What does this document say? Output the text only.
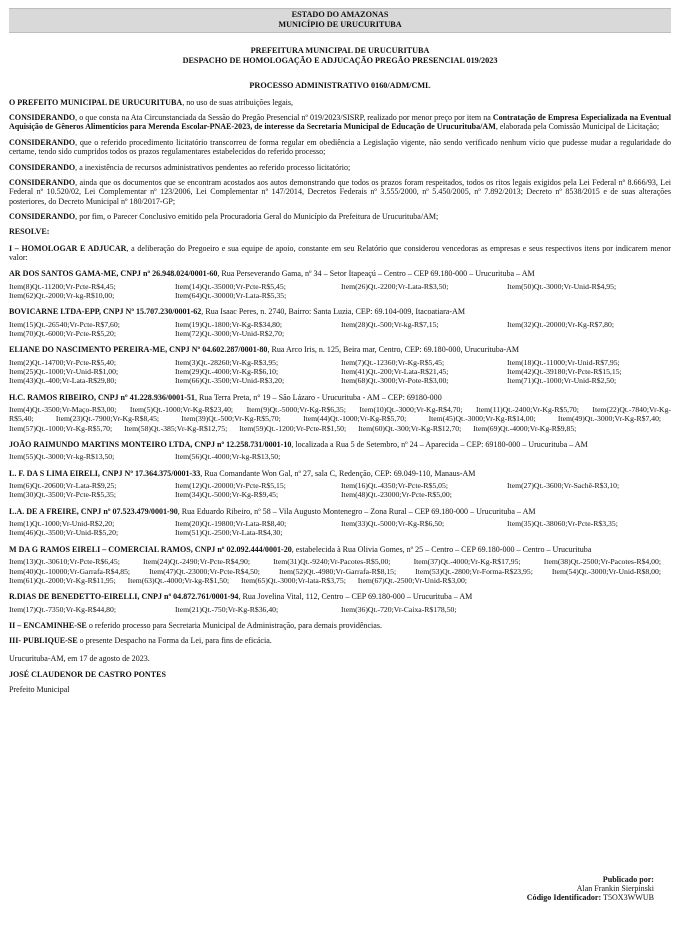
ESTADO DO AMAZONAS
MUNICÍPIO DE URUCURITUBA
PREFEITURA MUNICIPAL DE URUCURITUBA
DESPACHO DE HOMOLOGAÇÃO E ADJUCAÇÃO PREGÃO PRESENCIAL 019/2023
PROCESSO ADMINISTRATIVO 0160/ADM/CML

O PREFEITO MUNICIPAL DE URUCURITUBA, no uso de suas atribuições legais,

CONSIDERANDO, o que consta na Ata Circunstanciada da Sessão do Pregão Presencial nº 019/2023/SISRP, realizado por menor preço por item na Contratação de Empresa Especializada na Eventual Aquisição de Gêneros Alimentícios para Merenda Escolar-PNAE-2023, de interesse da Secretaria Municipal de Educação de Urucurituba/AM, elaborada pela Comissão Municipal de Licitação;

CONSIDERANDO, que o referido procedimento licitatório transcorreu de forma regular em obediência a Legislação vigente, não sendo verificado nenhum vício que pudesse mudar a regularidade do certame, tendo sido cumpridos todos os prazos regulamentares estabelecidos do referido processo;

CONSIDERANDO, a inexistência de recursos administrativos pendentes ao referido processo licitatório;

CONSIDERANDO, ainda que os documentos que se encontram acostados aos autos demonstrando que todos os prazos foram respeitados, todos os ritos legais exigidos pela Lei Federal nº 8.666/93, Lei Federal nº 10.520/02, Lei Complementar nº 123/2006, Lei Complementar nº 147/2014, Decretos Federais nº 3.555/2000, nº 5.450/2005, nº 7.892/2013; Decreto nº 8538/2015 e de suas alterações posteriores, do Decreto Municipal nº 180/2017-GP;

CONSIDERANDO, por fim, o Parecer Conclusivo emitido pela Procuradoria Geral do Município da Prefeitura de Urucurituba/AM;

RESOLVE:

I – HOMOLOGAR E ADJUCAR, a deliberação do Pregoeiro e sua equipe de apoio, constante em seu Relatório que considerou vencedoras as empresas e seus respectivos itens por indicarem menor valor:

AR DOS SANTOS GAMA-ME, CNPJ nº 26.948.024/0001-60, Rua Perseverando Gama, nº 34 – Setor Itapeaçú – Centro – CEP 69.180-000 – Urucurituba – AM

Item(8)Qt.-11200;Vr-Pcte-R$4,45;	Item(14)Qt.-35000;Vr-Pcte-R$5,45;	Item(26)Qt.-2200;Vr-Lata-R$3,50;	Item(50)Qt.-3000;Vr-Unid-R$4,95;
Item(62)Qt.-2000;Vr-kg-R$10,00;	Item(64)Qt.-30000;Vr-Lata-R$5,35;

BOVICARNE LTDA-EPP, CNPJ Nº 15.707.230/0001-62, Rua Isaac Peres, n. 2740, Bairro: Santa Luzia, CEP: 69.104-009, Itacoatiara-AM

Item(15)Qt.-26540;Vr-Pcte-R$7,60;	Item(19)Qt.-1800;Vr-Kg-R$34,80;	Item(28)Qt.-500;Vr-kg-R$7,15;	Item(32)Qt.-20000;Vr-Kg-R$7,80;
Item(70)Qt.-6000;Vr-Pcte-R$5,20;	Item(72)Qt.-3000;Vr-Unid-R$2,70;

ELIANE DO NASCIMENTO PEREIRA-ME, CNPJ Nº 04.602.287/0001-80, Rua Arco Iris, n. 125, Beira mar, Centro, CEP: 69.180-000, Urucurituba-AM

Item(2)Qt.-14700;Vr-Pcte-R$5,40;	Item(3)Qt.-28260;Vr-Kg-R$3,95;	Item(7)Qt.-12360;Vr-Kg-R$5,45;	Item(18)Qt.-11000;Vr-Unid-R$7,95;
Item(25)Qt.-1000;Vr-Unid-R$1,00;	Item(29)Qt.-4000;Vr-Kg-R$6,10;	Item(41)Qt.-200;Vr-Lata-R$21,45;	Item(42)Qt.-39180;Vr-Pcte-R$15,15;
Item(43)Qt.-400;Vr-Lata-R$29,80;	Item(66)Qt.-3500;Vr-Unid-R$3,20;	Item(68)Qt.-3000;Vr-Pote-R$3,00;	Item(71)Qt.-1000;Vr-Unid-R$2,50;

H.C. RAMOS RIBEIRO, CNPJ nº 41.228.936/0001-51, Rua Terra Preta, n° 19 – São Lázaro - Urucurituba - AM – CEP: 69180-000

Item(4)Qt.-3500;Vr-Maço-R$3,00; Item(5)Qt.-1000;Vr-Kg-R$23,40; Item(9)Qt.-5000;Vr-Kg-R$6,35; Item(10)Qt.-3000;Vr-Kg-R$4,70; Item(11)Qt.-2400;Vr-Kg-R$5,70; Item(22)Qt.-7840;Vr-Kg-R$5,40;	Item(23)Qt.-7900;Vr-Kg-R$8,45;	Item(39)Qt.-500;Vr-Kg-R$5,70;	Item(44)Qt.-1000;Vr-Kg-R$5,70;	Item(45)Qt.-3000;Vr-Kg-R$14,00;	Item(49)Qt.-3000;Vr-Kg-R$7,40; Item(57)Qt.-1000;Vr-Kg-R$5,70; Item(58)Qt.-385;Vr-Kg-R$12,75; Item(59)Qt.-1200;Vr-Pcte-R$1,50; Item(60)Qt.-300;Vr-Kg-R$12,70; Item(69)Qt.-4000;Vr-Kg-R$9,85;

JOÃO RAIMUNDO MARTINS MONTEIRO LTDA, CNPJ nº 12.258.731/0001-10, localizada a Rua 5 de Setembro, nº 24 – Aparecida – CEP: 69180-000 – Urucurituba – AM

Item(55)Qt.-3000;Vr-kg-R$13,50;	Item(56)Qt.-4000;Vr-kg-R$13,50;

L. F. DA S LIMA EIRELI, CNPJ Nº 17.364.375/0001-33, Rua Comandante Won Gal, nº 27, sala C, Redenção, CEP: 69.049-110, Manaus-AM

Item(6)Qt.-20600;Vr-Lata-R$9,25;	Item(12)Qt.-20000;Vr-Pcte-R$5,15;	Item(16)Qt.-4350;Vr-Pcte-R$5,05;	Item(27)Qt.-3600;Vr-Sachê-R$3,10;
Item(30)Qt.-3500;Vr-Pcte-R$5,35;	Item(34)Qt.-5000;Vr-Kg-R$9,45;	Item(48)Qt.-23000;Vr-Pcte-R$5,00;

L.A. DE A FREIRE, CNPJ nº 07.523.479/0001-90, Rua Eduardo Ribeiro, nº 58 – Vila Augusto Montenegro – Zona Rural – CEP 69.180-000 – Urucurituba – AM

Item(1)Qt.-1000;Vr-Unid-R$2,20;	Item(20)Qt.-19800;Vr-Lata-R$8,40;	Item(33)Qt.-5000;Vr-Kg-R$6,50;	Item(35)Qt.-38060;Vr-Pcte-R$3,35;
Item(46)Qt.-3500;Vr-Unid-R$5,20;	Item(51)Qt.-2500;Vr-Lata-R$4,30;

M DA G RAMOS EIRELI – COMERCIAL RAMOS, CNPJ nº 02.092.444/0001-20, estabelecida à Rua Olivia Gomes, nº 25 – Centro – CEP 69.180-000 – Centro – Urucurituba

Item(13)Qt.-30610;Vr-Pcte-R$6,45;	Item(24)Qt.-2490;Vr-Pcte-R$4,90;	Item(31)Qt.-9240;Vr-Pacotes-R$5,00;	Item(37)Qt.-4000;Vr-Kg-R$17,95;	Item(38)Qt.-2500;Vr-Pacotes-R$4,00; Item(40)Qt.-10000;Vr-Garrafa-R$4,85; Item(47)Qt.-23000;Vr-Pcte-R$4,50; Item(52)Qt.-4980;Vr-Garrafa-R$8,15; Item(53)Qt.-2800;Vr-Forma-R$23,95; Item(54)Qt.-3000;Vr-Unid-R$8,00; Item(61)Qt.-2000;Vr-Kg-R$11,95; Item(63)Qt.-4000;Vr-kg-R$1,50; Item(65)Qt.-3000;Vr-lata-R$3,75; Item(67)Qt.-2500;Vr-Unid-R$3,00;

R.DIAS DE BENEDETTO-EIRELLI, CNPJ nº 04.872.761/0001-94, Rua Jovelina Vital, 112, Centro – CEP 69.180-000 – Urucurituba – AM

Item(17)Qt.-7350;Vr-Kg-R$44,80;	Item(21)Qt.-750;Vr-Kg-R$36,40;	Item(36)Qt.-720;Vr-Caixa-R$178,50;

II – ENCAMINHE-SE o referido processo para Secretaria Municipal de Administração, para demais providências.

III- PUBLIQUE-SE o presente Despacho na Forma da Lei, para fins de eficácia.

Urucurituba-AM, em 17 de agosto de 2023.

JOSÉ CLAUDENOR DE CASTRO PONTES

Prefeito Municipal

Publicado por:
Alan Frankin Sierpinski
Código Identificador: T5OX3WWUB
